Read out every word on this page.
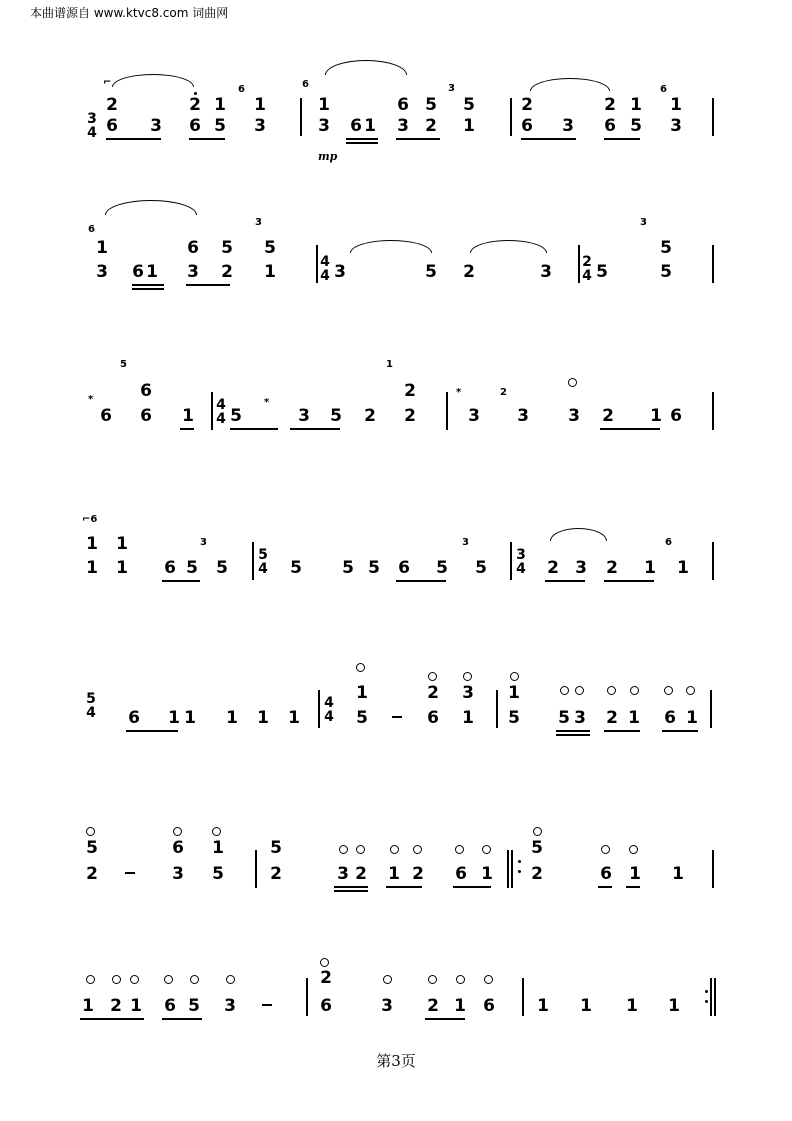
本曲谱源自 www.ktvc8.com 词曲网
3
4
⌐
2
6 3
2
6
1
5
6
1
3
6
1
3 6 1
6
3
5
2
3
5
1
mp
2
6 3
2
6
1
5
6
1
3
6
1
3 6 1
6
3
5
2
3
5
1	4
4 3	5 2	3 2
4 5
5
5
3
*
6
5
6
6 1
4
4 5
*
3 5 2
1
2
2
*
3
2
3 3 2 1 6
⌐6
1
1
1
1 6 5
3
5
5
4 5 5 5 6 5
3
5
3
4 2 3 2 1
6
1
5
4 6 1 1 1 1 1
4
4
1
5
2
6
3
1
1
5 5 3 2 1 6 1
5
2
6
3
1
5
5
2	3 2 1 2 6 1
5
2	6 1 1
1 2 1 6 5 3
2
6	3 2 1 6 1 1 1 1
第3页
